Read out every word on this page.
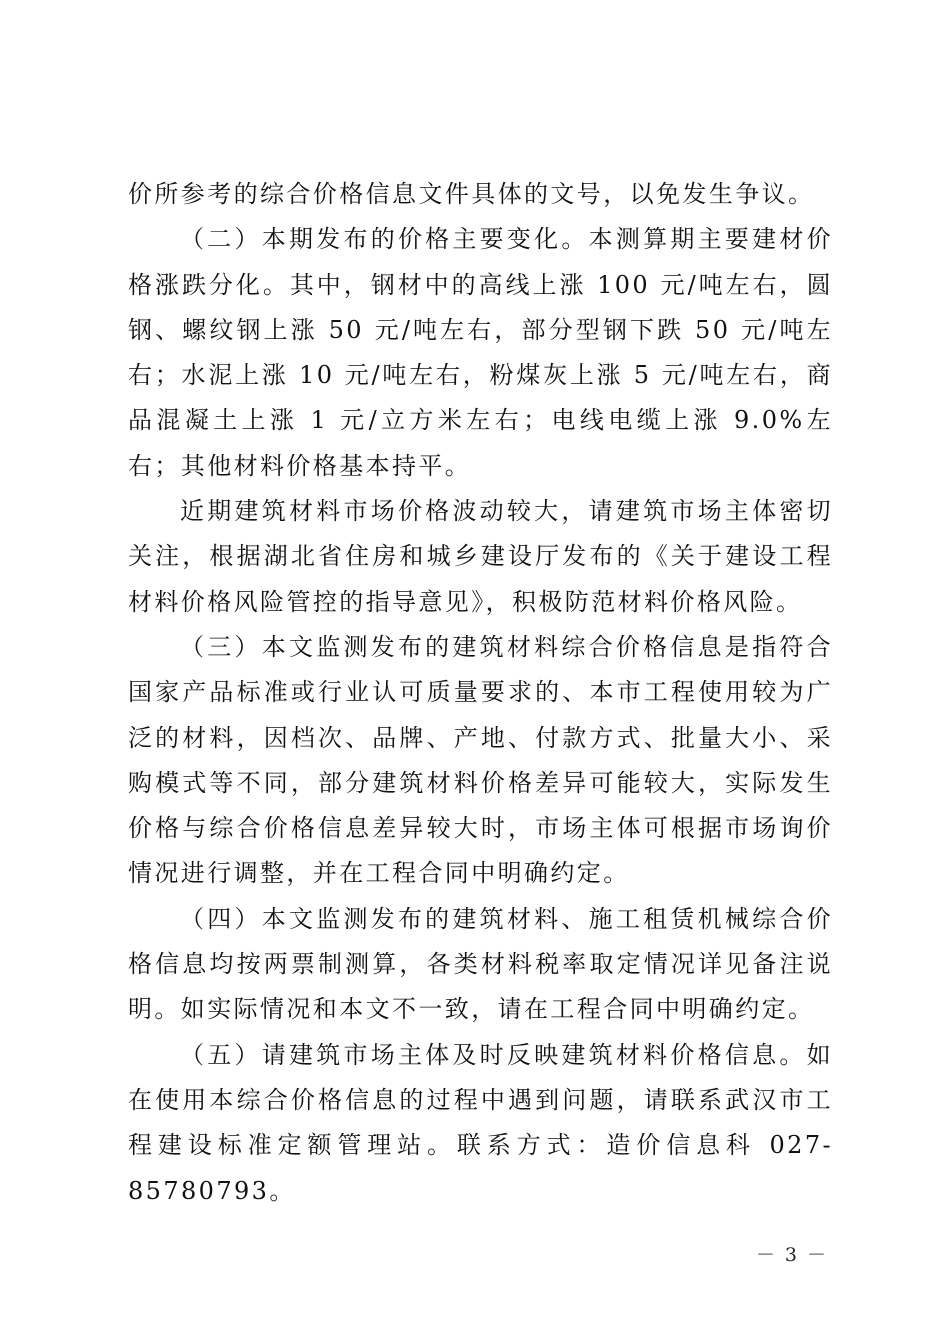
价所参考的综合价格信息文件具体的文号，以免发生争议。

（二）本期发布的价格主要变化。本测算期主要建材价格涨跌分化。其中，钢材中的高线上涨 100 元/吨左右，圆钢、螺纹钢上涨 50 元/吨左右，部分型钢下跌 50 元/吨左右；水泥上涨 10 元/吨左右，粉煤灰上涨 5 元/吨左右，商品混凝土上涨 1 元/立方米左右；电线电缆上涨 9.0%左右；其他材料价格基本持平。

近期建筑材料市场价格波动较大，请建筑市场主体密切关注，根据湖北省住房和城乡建设厅发布的《关于建设工程材料价格风险管控的指导意见》，积极防范材料价格风险。

（三）本文监测发布的建筑材料综合价格信息是指符合国家产品标准或行业认可质量要求的、本市工程使用较为广泛的材料，因档次、品牌、产地、付款方式、批量大小、采购模式等不同，部分建筑材料价格差异可能较大，实际发生价格与综合价格信息差异较大时，市场主体可根据市场询价情况进行调整，并在工程合同中明确约定。

（四）本文监测发布的建筑材料、施工租赁机械综合价格信息均按两票制测算，各类材料税率取定情况详见备注说明。如实际情况和本文不一致，请在工程合同中明确约定。

（五）请建筑市场主体及时反映建筑材料价格信息。如在使用本综合价格信息的过程中遇到问题，请联系武汉市工程建设标准定额管理站。联系方式：造价信息科 027-85780793。

－ 3 －
